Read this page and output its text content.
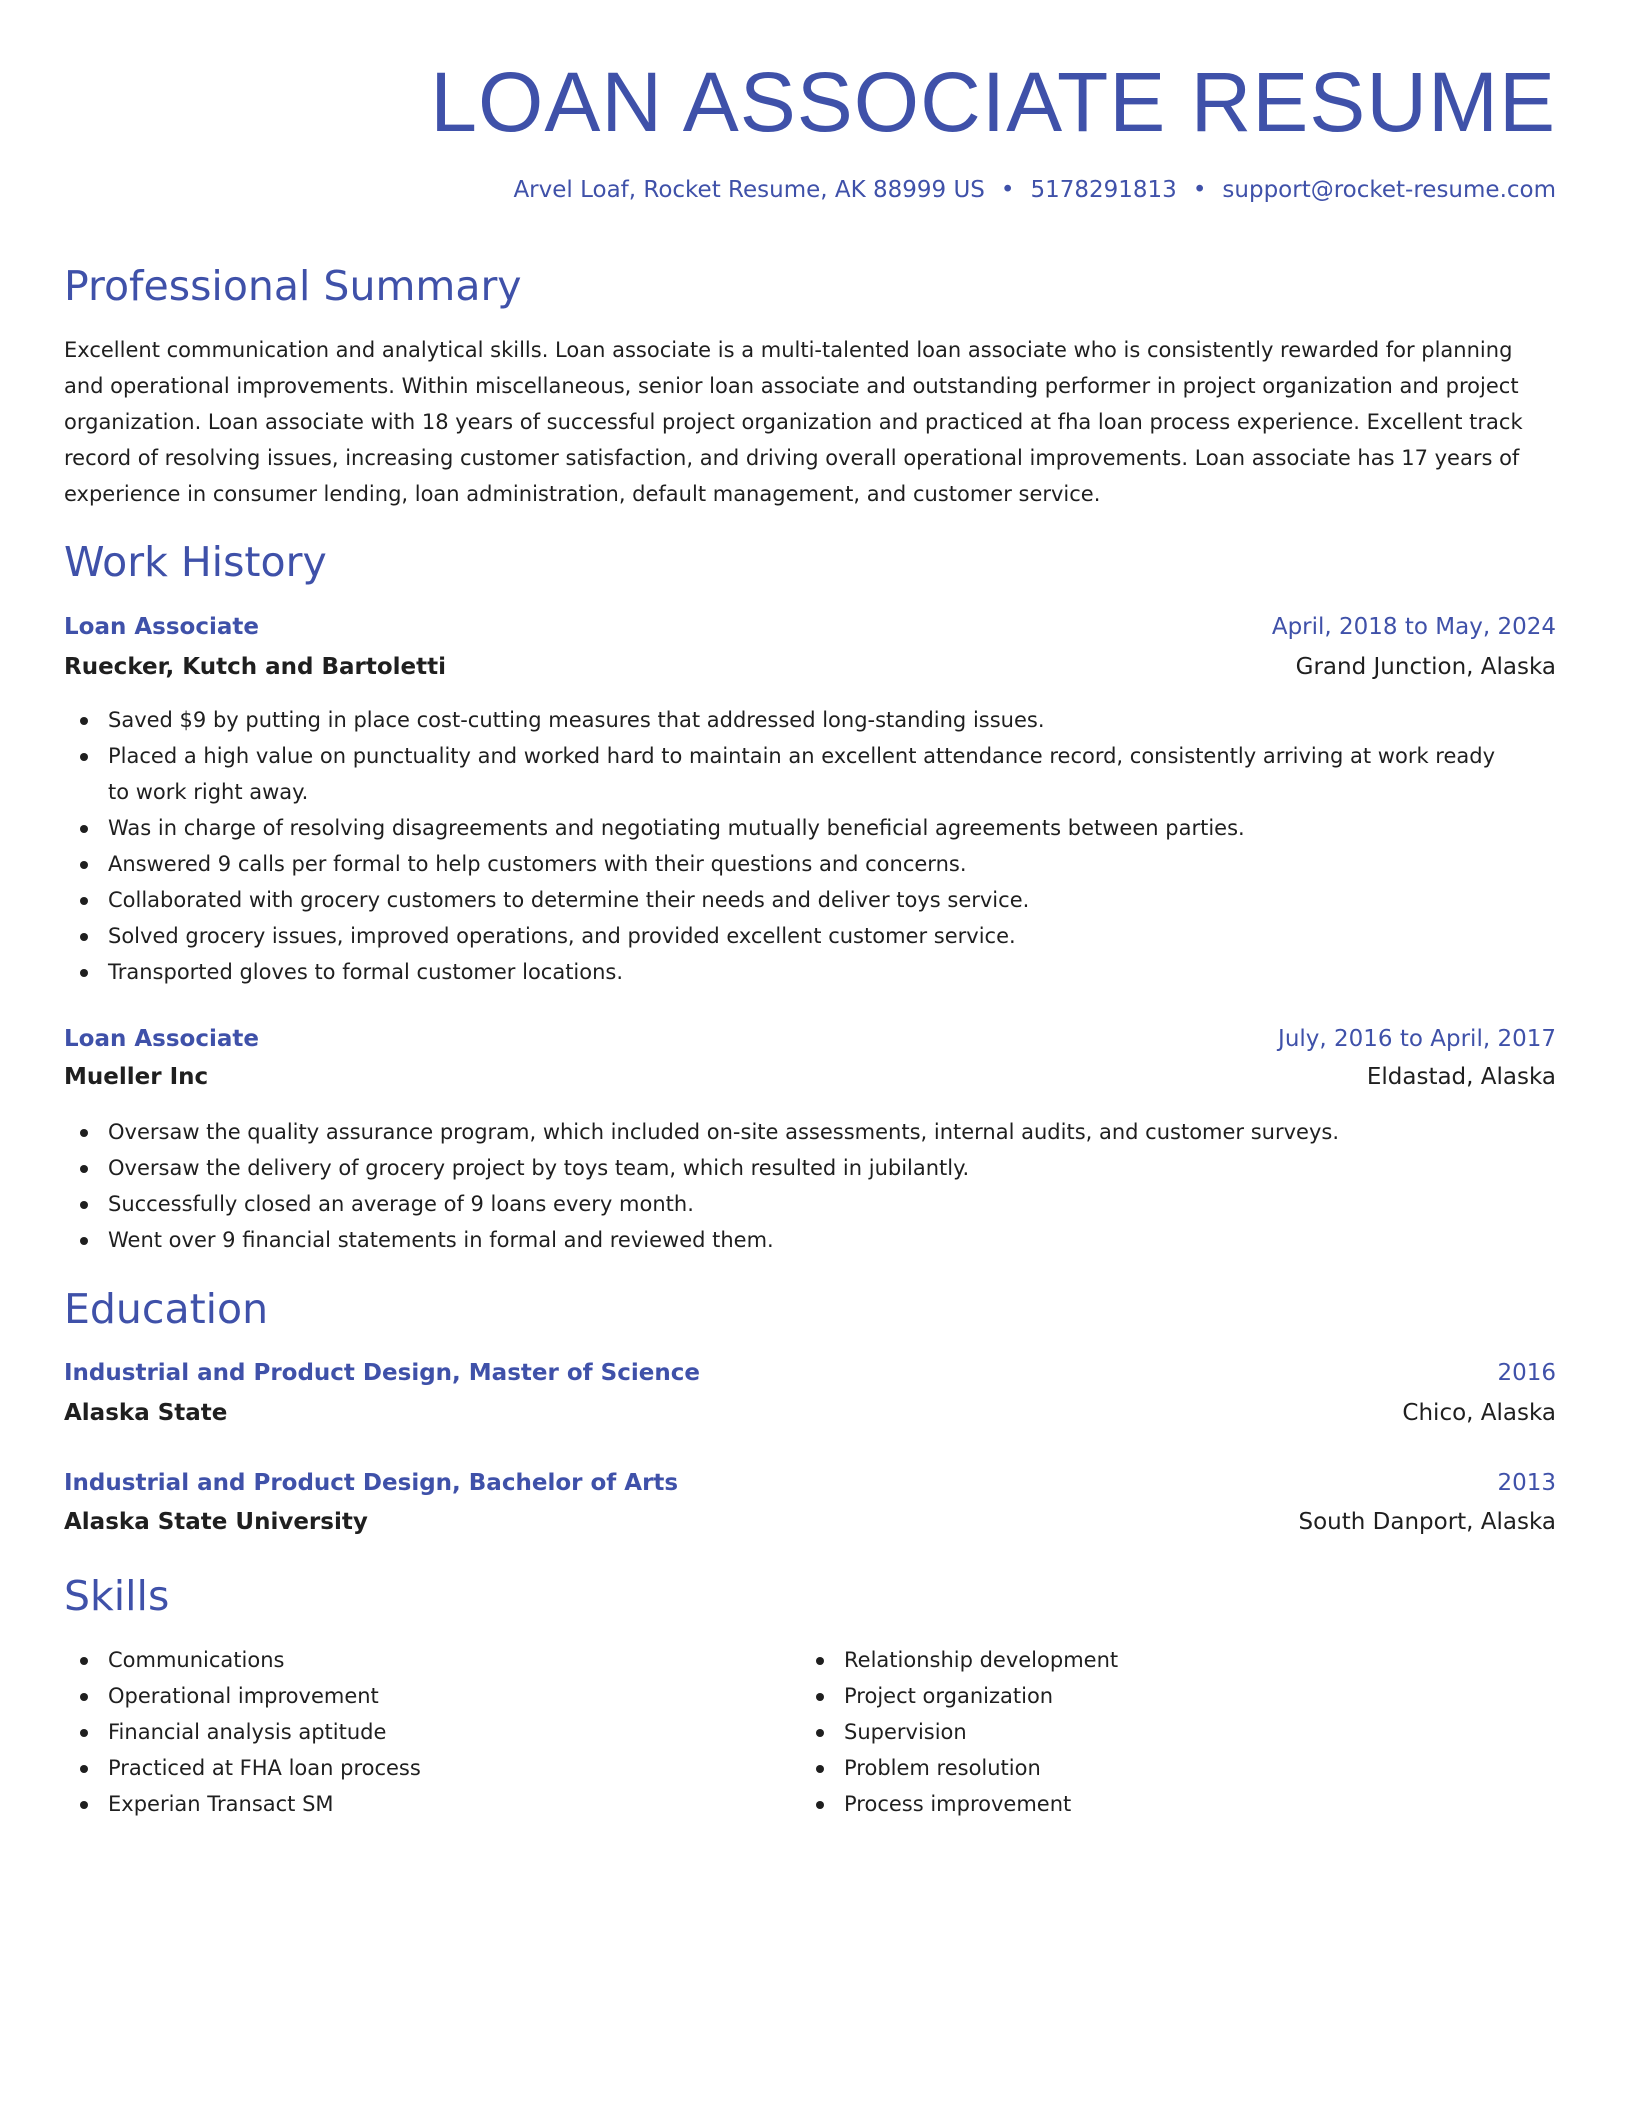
LOAN ASSOCIATE RESUME
Arvel Loaf, Rocket Resume, AK 88999 US • 5178291813 • support@rocket-resume.com
Professional Summary

Excellent communication and analytical skills. Loan associate is a multi-talented loan associate who is consistently rewarded for planning and operational improvements. Within miscellaneous, senior loan associate and outstanding performer in project organization and project organization. Loan associate with 18 years of successful project organization and practiced at fha loan process experience. Excellent track record of resolving issues, increasing customer satisfaction, and driving overall operational improvements. Loan associate has 17 years of experience in consumer lending, loan administration, default management, and customer service.

Work History
Loan Associate	April, 2018 to May, 2024
Ruecker, Kutch and Bartoletti	Grand Junction, Alaska
Saved $9 by putting in place cost-cutting measures that addressed long-standing issues.
Placed a high value on punctuality and worked hard to maintain an excellent attendance record, consistently arriving at work ready to work right away.
Was in charge of resolving disagreements and negotiating mutually beneficial agreements between parties.
Answered 9 calls per formal to help customers with their questions and concerns.
Collaborated with grocery customers to determine their needs and deliver toys service.
Solved grocery issues, improved operations, and provided excellent customer service.
Transported gloves to formal customer locations.
Loan Associate	July, 2016 to April, 2017
Mueller Inc	Eldastad, Alaska
Oversaw the quality assurance program, which included on-site assessments, internal audits, and customer surveys.
Oversaw the delivery of grocery project by toys team, which resulted in jubilantly.
Successfully closed an average of 9 loans every month.
Went over 9 financial statements in formal and reviewed them.
Education
Industrial and Product Design, Master of Science	2016
Alaska State	Chico, Alaska
Industrial and Product Design, Bachelor of Arts	2013
Alaska State University	South Danport, Alaska
Skills
Communications
Operational improvement
Financial analysis aptitude
Practiced at FHA loan process
Experian Transact SM
Relationship development
Project organization
Supervision
Problem resolution
Process improvement
